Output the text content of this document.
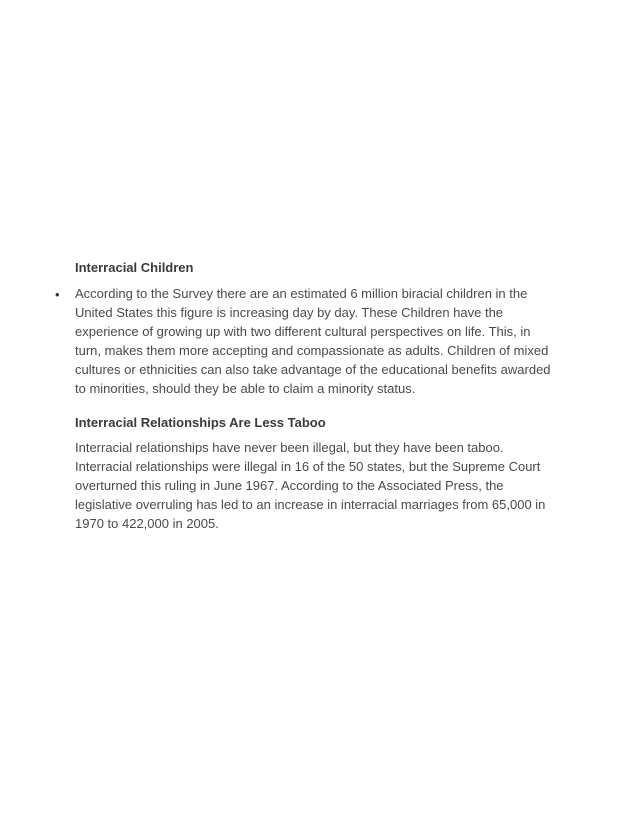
Interracial Children
• According to the Survey there are an estimated 6 million biracial children in the
United States this figure is increasing day by day. These Children have the
experience of growing up with two different cultural perspectives on life. This, in
turn, makes them more accepting and compassionate as adults. Children of mixed
cultures or ethnicities can also take advantage of the educational benefits awarded
to minorities, should they be able to claim a minority status.

Interracial Relationships Are Less Taboo

Interracial relationships have never been illegal, but they have been taboo.
Interracial relationships were illegal in 16 of the 50 states, but the Supreme Court
overturned this ruling in June 1967. According to the Associated Press, the
legislative overruling has led to an increase in interracial marriages from 65,000 in
1970 to 422,000 in 2005.
